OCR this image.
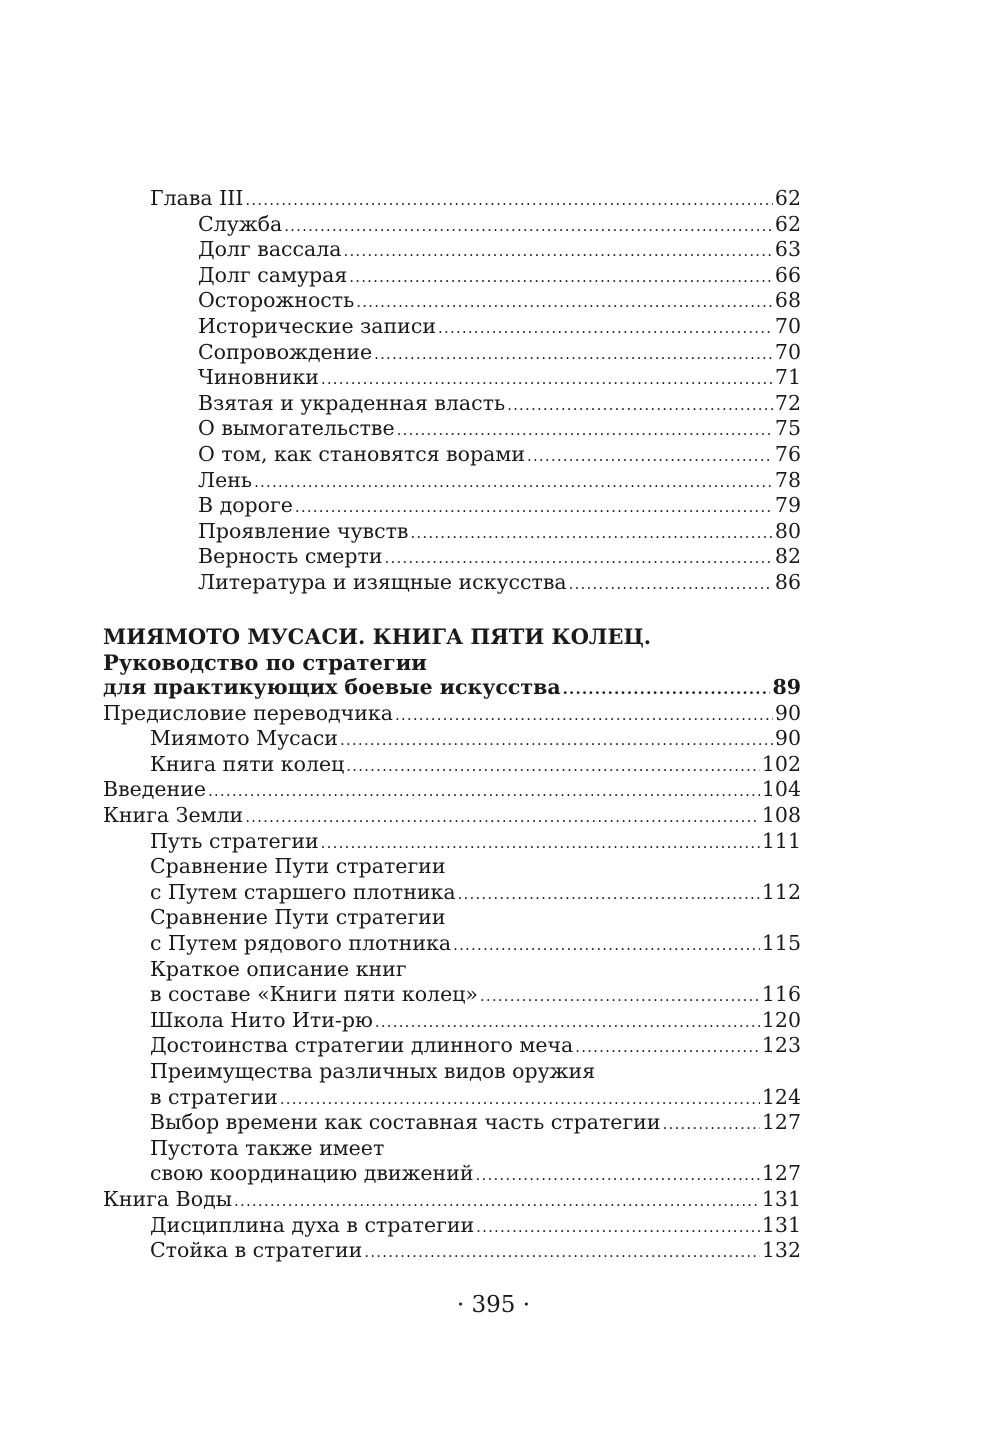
Глава III .....	62
Служба .....	62
Долг вассала .....	63
Долг самурая .....	66
Осторожность .....	68
Исторические записи .....	70
Сопровождение .....	70
Чиновники .....	71
Взятая и украденная власть .....	72
О вымогательстве .....	75
О том, как становятся ворами .....	76
Лень .....	78
В дороге .....	79
Проявление чувств .....	80
Верность смерти .....	82
Литература и изящные искусства .....	86
МИЯМОТО МУСАСИ. КНИГА ПЯТИ КОЛЕЦ.
Руководство по стратегии
для практикующих боевые искусства .....	89
Предисловие переводчика .....	90
Миямото Мусаси .....	90
Книга пяти колец .....	102
Введение .....	104
Книга Земли .....	108
Путь стратегии .....	111
Сравнение Пути стратегии
с Путем старшего плотника .....	112
Сравнение Пути стратегии
с Путем рядового плотника .....	115
Краткое описание книг
в составе «Книги пяти колец» .....	116
Школа Нито Ити-рю .....	120
Достоинства стратегии длинного меча .....	123
Преимущества различных видов оружия
в стратегии .....	124
Выбор времени как составная часть стратегии .....	127
Пустота также имеет
свою координацию движений .....	127
Книга Воды .....	131
Дисциплина духа в стратегии .....	131
Стойка в стратегии .....	132
· 395 ·
